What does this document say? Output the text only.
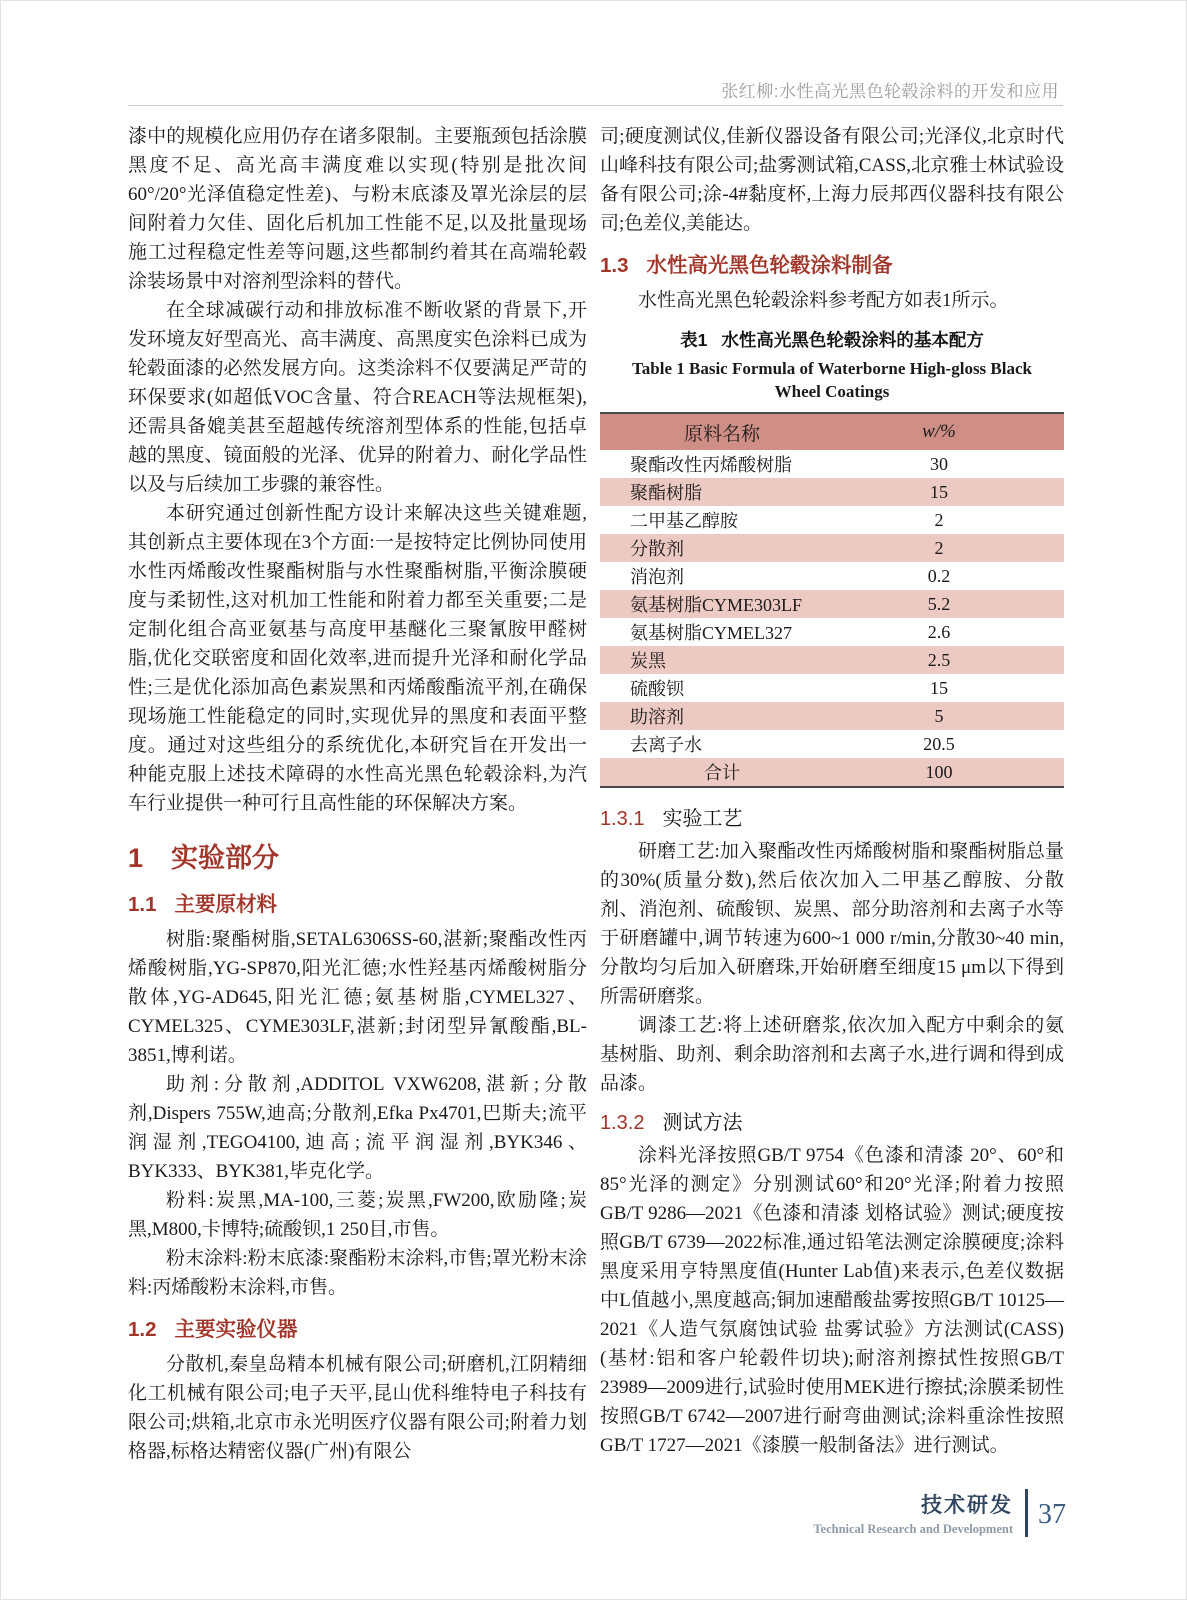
张红柳:水性高光黑色轮毂涂料的开发和应用

漆中的规模化应用仍存在诸多限制。主要瓶颈包括涂膜黑度不足、高光高丰满度难以实现(特别是批次间60°/20°光泽值稳定性差)、与粉末底漆及罩光涂层的层间附着力欠佳、固化后机加工性能不足,以及批量现场施工过程稳定性差等问题,这些都制约着其在高端轮毂涂装场景中对溶剂型涂料的替代。

在全球减碳行动和排放标准不断收紧的背景下,开发环境友好型高光、高丰满度、高黑度实色涂料已成为轮毂面漆的必然发展方向。这类涂料不仅要满足严苛的环保要求(如超低VOC含量、符合REACH等法规框架),还需具备媲美甚至超越传统溶剂型体系的性能,包括卓越的黑度、镜面般的光泽、优异的附着力、耐化学品性以及与后续加工步骤的兼容性。

本研究通过创新性配方设计来解决这些关键难题,其创新点主要体现在3个方面:一是按特定比例协同使用水性丙烯酸改性聚酯树脂与水性聚酯树脂,平衡涂膜硬度与柔韧性,这对机加工性能和附着力都至关重要;二是定制化组合高亚氨基与高度甲基醚化三聚氰胺甲醛树脂,优化交联密度和固化效率,进而提升光泽和耐化学品性;三是优化添加高色素炭黑和丙烯酸酯流平剂,在确保现场施工性能稳定的同时,实现优异的黑度和表面平整度。通过对这些组分的系统优化,本研究旨在开发出一种能克服上述技术障碍的水性高光黑色轮毂涂料,为汽车行业提供一种可行且高性能的环保解决方案。

1 实验部分
1.1 主要原材料

树脂:聚酯树脂,SETAL6306SS-60,湛新;聚酯改性丙烯酸树脂,YG-SP870,阳光汇德;水性羟基丙烯酸树脂分散体,YG-AD645,阳光汇德;氨基树脂,CYMEL327、CYMEL325、CYME303LF,湛新;封闭型异氰酸酯,BL-3851,博利诺。

助剂:分散剂,ADDITOL VXW6208,湛新;分散剂,Dispers 755W,迪高;分散剂,Efka Px4701,巴斯夫;流平润湿剂,TEGO4100,迪高;流平润湿剂,BYK346、BYK333、BYK381,毕克化学。

粉料:炭黑,MA-100,三菱;炭黑,FW200,欧励隆;炭黑,M800,卡博特;硫酸钡,1 250目,市售。

粉末涂料:粉末底漆:聚酯粉末涂料,市售;罩光粉末涂料:丙烯酸粉末涂料,市售。

1.2 主要实验仪器

分散机,秦皇岛精本机械有限公司;研磨机,江阴精细化工机械有限公司;电子天平,昆山优科维特电子科技有限公司;烘箱,北京市永光明医疗仪器有限公司;附着力划格器,标格达精密仪器(广州)有限公

司;硬度测试仪,佳新仪器设备有限公司;光泽仪,北京时代山峰科技有限公司;盐雾测试箱,CASS,北京雅士林试验设备有限公司;涂-4#黏度杯,上海力辰邦西仪器科技有限公司;色差仪,美能达。

1.3 水性高光黑色轮毂涂料制备

水性高光黑色轮毂涂料参考配方如表1所示。

表1 水性高光黑色轮毂涂料的基本配方
Table 1 Basic Formula of Waterborne High-gloss Black
Wheel Coatings
原料名称	w/%
聚酯改性丙烯酸树脂	30
聚酯树脂	15
二甲基乙醇胺	2
分散剂	2
消泡剂	0.2
氨基树脂CYME303LF	5.2
氨基树脂CYMEL327	2.6
炭黑	2.5
硫酸钡	15
助溶剂	5
去离子水	20.5
合计	100
1.3.1 实验工艺

研磨工艺:加入聚酯改性丙烯酸树脂和聚酯树脂总量的30%(质量分数),然后依次加入二甲基乙醇胺、分散剂、消泡剂、硫酸钡、炭黑、部分助溶剂和去离子水等于研磨罐中,调节转速为600~1 000 r/min,分散30~40 min,分散均匀后加入研磨珠,开始研磨至细度15 μm以下得到所需研磨浆。

调漆工艺:将上述研磨浆,依次加入配方中剩余的氨基树脂、助剂、剩余助溶剂和去离子水,进行调和得到成品漆。

1.3.2 测试方法

涂料光泽按照GB/T 9754《色漆和清漆 20°、60°和85°光泽的测定》分别测试60°和20°光泽;附着力按照GB/T 9286—2021《色漆和清漆 划格试验》测试;硬度按照GB/T 6739—2022标准,通过铅笔法测定涂膜硬度;涂料黑度采用亨特黑度值(Hunter Lab值)来表示,色差仪数据中L值越小,黑度越高;铜加速醋酸盐雾按照GB/T 10125—2021《人造气氛腐蚀试验 盐雾试验》方法测试(CASS)(基材:铝和客户轮毂件切块);耐溶剂擦拭性按照GB/T 23989—2009进行,试验时使用MEK进行擦拭;涂膜柔韧性按照GB/T 6742—2007进行耐弯曲测试;涂料重涂性按照GB/T 1727—2021《漆膜一般制备法》进行测试。

技术研发
Technical Research and Development 37
